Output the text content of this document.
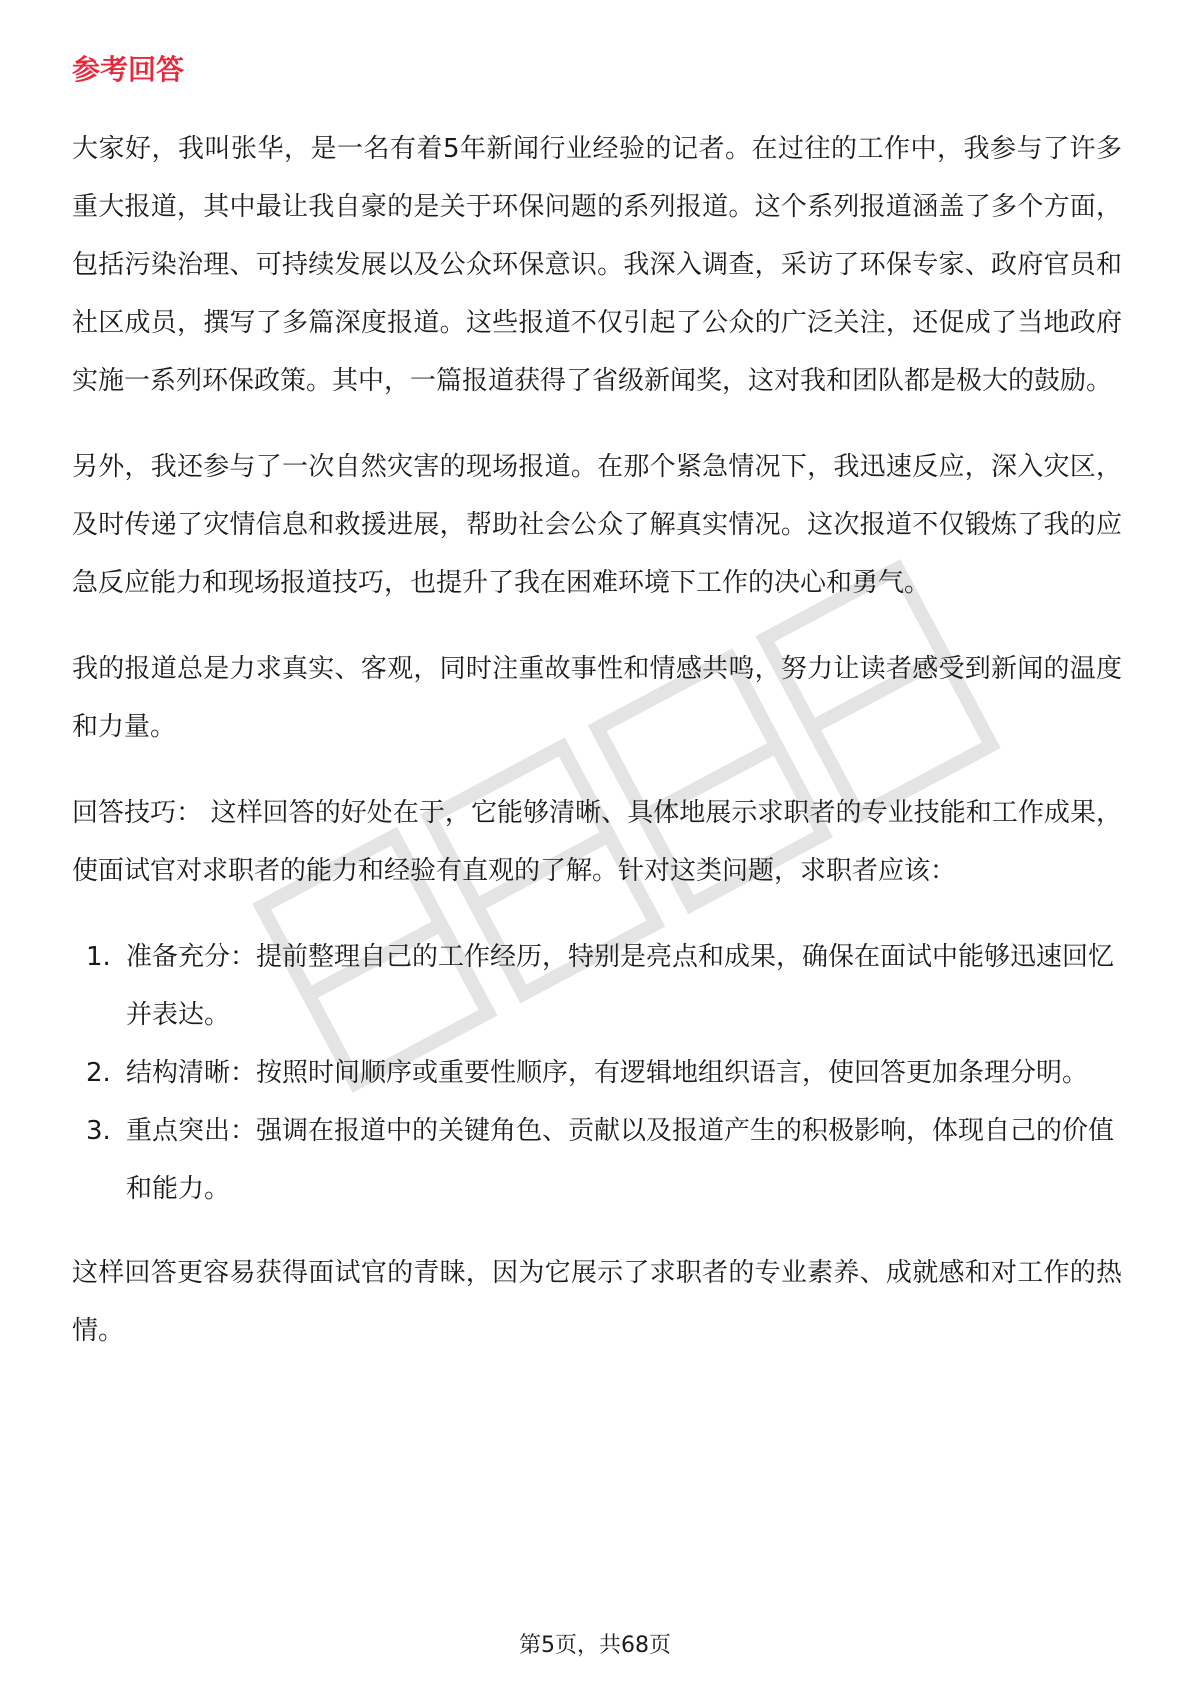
参考回答

大家好，我叫张华，是一名有着5年新闻行业经验的记者。在过往的工作中，我参与了许多重大报道，其中最让我自豪的是关于环保问题的系列报道。这个系列报道涵盖了多个方面，包括污染治理、可持续发展以及公众环保意识。我深入调查，采访了环保专家、政府官员和社区成员，撰写了多篇深度报道。这些报道不仅引起了公众的广泛关注，还促成了当地政府实施一系列环保政策。其中，一篇报道获得了省级新闻奖，这对我和团队都是极大的鼓励。

另外，我还参与了一次自然灾害的现场报道。在那个紧急情况下，我迅速反应，深入灾区，及时传递了灾情信息和救援进展，帮助社会公众了解真实情况。这次报道不仅锻炼了我的应急反应能力和现场报道技巧，也提升了我在困难环境下工作的决心和勇气。

我的报道总是力求真实、客观，同时注重故事性和情感共鸣，努力让读者感受到新闻的温度和力量。

回答技巧： 这样回答的好处在于，它能够清晰、具体地展示求职者的专业技能和工作成果，使面试官对求职者的能力和经验有直观的了解。针对这类问题，求职者应该：

1. 准备充分：提前整理自己的工作经历，特别是亮点和成果，确保在面试中能够迅速回忆并表达。
2. 结构清晰：按照时间顺序或重要性顺序，有逻辑地组织语言，使回答更加条理分明。
3. 重点突出：强调在报道中的关键角色、贡献以及报道产生的积极影响，体现自己的价值和能力。

这样回答更容易获得面试官的青睐，因为它展示了求职者的专业素养、成就感和对工作的热情。

第5页，共68页
